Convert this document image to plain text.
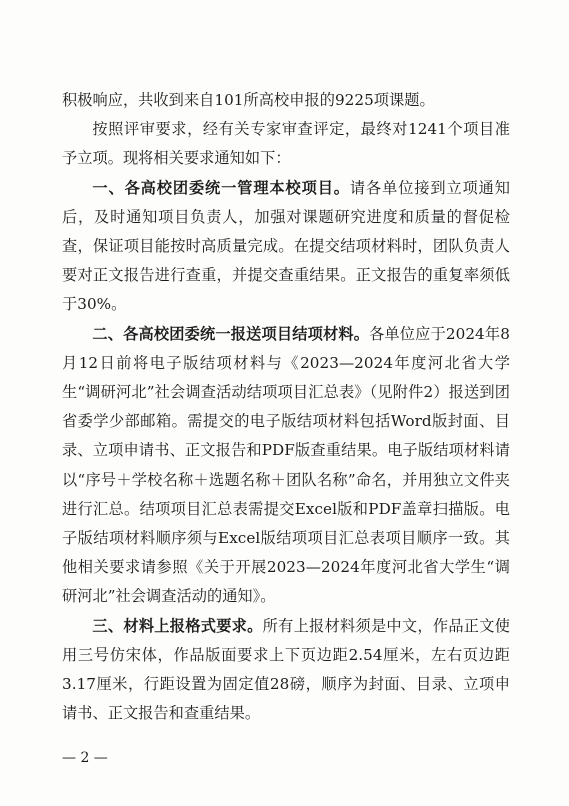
积极响应，共收到来自101所高校申报的9225项课题。

按照评审要求，经有关专家审查评定，最终对1241个项目准予立项。现将相关要求通知如下：

一、各高校团委统一管理本校项目。请各单位接到立项通知后，及时通知项目负责人，加强对课题研究进度和质量的督促检查，保证项目能按时高质量完成。在提交结项材料时，团队负责人要对正文报告进行查重，并提交查重结果。正文报告的重复率须低于30%。

二、各高校团委统一报送项目结项材料。各单位应于2024年8月12日前将电子版结项材料与《2023—2024年度河北省大学生“调研河北”社会调查活动结项项目汇总表》（见附件2）报送到团省委学少部邮箱。需提交的电子版结项材料包括Word版封面、目录、立项申请书、正文报告和PDF版查重结果。电子版结项材料请以“序号＋学校名称＋选题名称＋团队名称”命名，并用独立文件夹进行汇总。结项项目汇总表需提交Excel版和PDF盖章扫描版。电子版结项材料顺序须与Excel版结项项目汇总表项目顺序一致。其他相关要求请参照《关于开展2023—2024年度河北省大学生“调研河北”社会调查活动的通知》。

三、材料上报格式要求。所有上报材料须是中文，作品正文使用三号仿宋体，作品版面要求上下页边距2.54厘米，左右页边距3.17厘米，行距设置为固定值28磅，顺序为封面、目录、立项申请书、正文报告和查重结果。

— 2 —
